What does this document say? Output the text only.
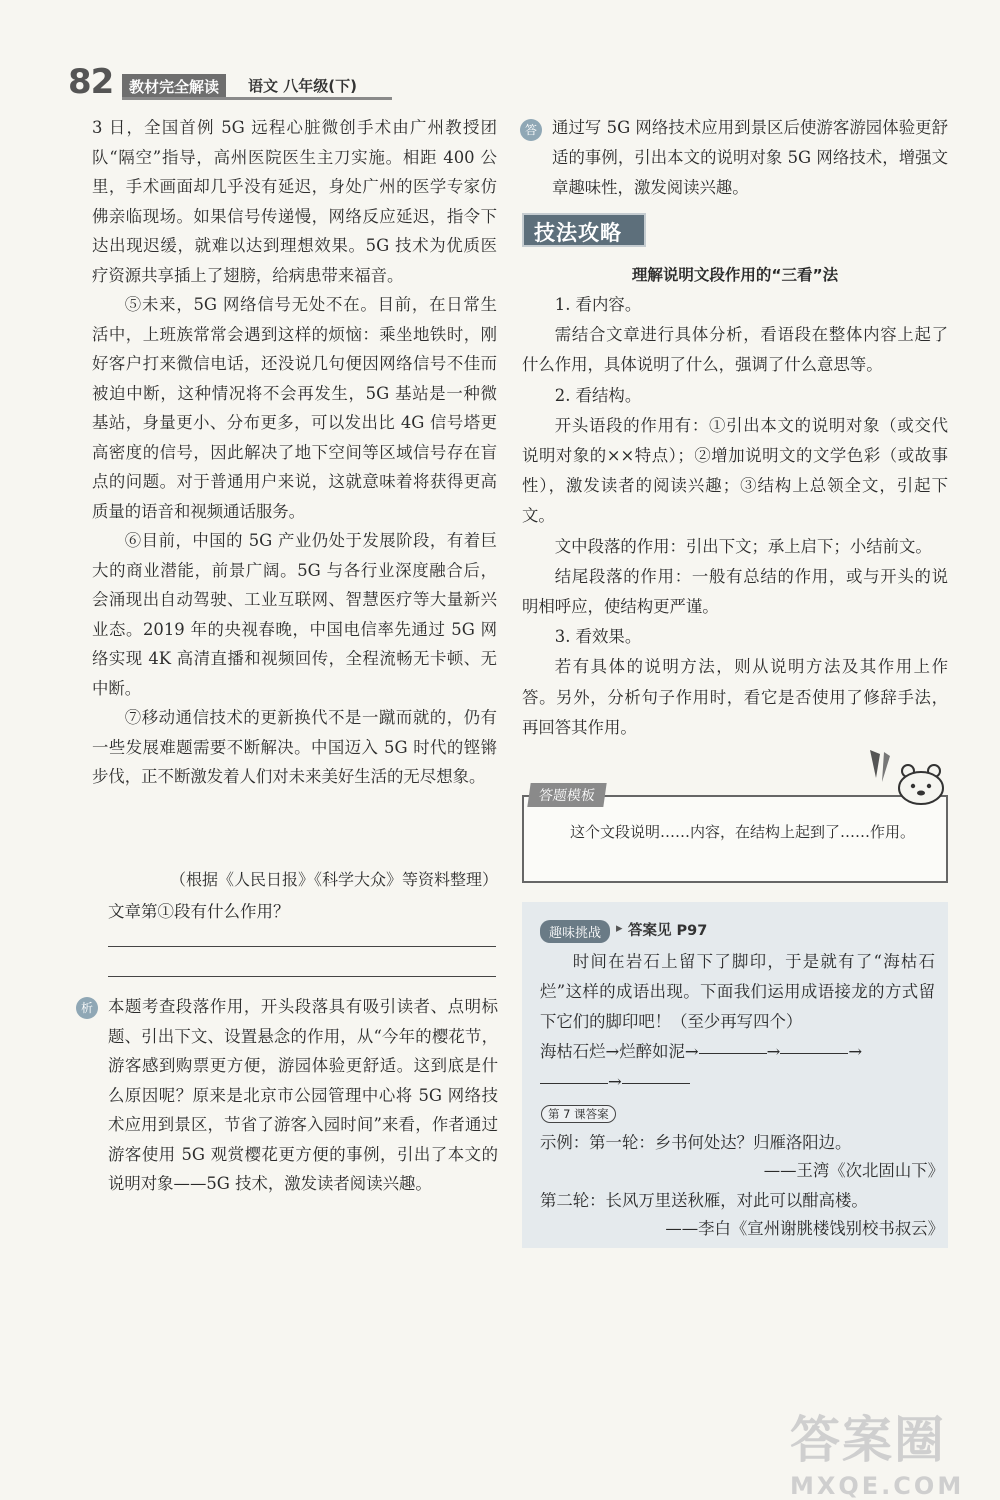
82	教材完全解读	语文 八年级(下)

3 日，全国首例 5G 远程心脏微创手术由广州教授团队“隔空”指导，高州医院医生主刀实施。相距 400 公里，手术画面却几乎没有延迟，身处广州的医学专家仿佛亲临现场。如果信号传递慢，网络反应延迟，指令下达出现迟缓，就难以达到理想效果。5G 技术为优质医疗资源共享插上了翅膀，给病患带来福音。

⑤未来，5G 网络信号无处不在。目前，在日常生活中，上班族常常会遇到这样的烦恼：乘坐地铁时，刚好客户打来微信电话，还没说几句便因网络信号不佳而被迫中断，这种情况将不会再发生，5G 基站是一种微基站，身量更小、分布更多，可以发出比 4G 信号塔更高密度的信号，因此解决了地下空间等区域信号存在盲点的问题。对于普通用户来说，这就意味着将获得更高质量的语音和视频通话服务。

⑥目前，中国的 5G 产业仍处于发展阶段，有着巨大的商业潜能，前景广阔。5G 与各行业深度融合后，会涌现出自动驾驶、工业互联网、智慧医疗等大量新兴业态。2019 年的央视春晚，中国电信率先通过 5G 网络实现 4K 高清直播和视频回传，全程流畅无卡顿、无中断。

⑦移动通信技术的更新换代不是一蹴而就的，仍有一些发展难题需要不断解决。中国迈入 5G 时代的铿锵步伐，正不断激发着人们对未来美好生活的无尽想象。

（根据《人民日报》《科学大众》等资料整理）
文章第①段有什么作用？
析 本题考查段落作用，开头段落具有吸引读者、点明标题、引出下文、设置悬念的作用，从“今年的樱花节，游客感到购票更方便，游园体验更舒适。这到底是什么原因呢？原来是北京市公园管理中心将 5G 网络技术应用到景区，节省了游客入园时间”来看，作者通过游客使用 5G 观赏樱花更方便的事例，引出了本文的说明对象——5G 技术，激发读者阅读兴趣。
答 通过写 5G 网络技术应用到景区后使游客游园体验更舒适的事例，引出本文的说明对象 5G 网络技术，增强文章趣味性，激发阅读兴趣。
技法攻略
理解说明文段作用的“三看”法

1. 看内容。

需结合文章进行具体分析，看语段在整体内容上起了什么作用，具体说明了什么，强调了什么意思等。

2. 看结构。

开头语段的作用有：①引出本文的说明对象（或交代说明对象的××特点）；②增加说明文的文学色彩（或故事性），激发读者的阅读兴趣；③结构上总领全文，引起下文。

文中段落的作用：引出下文；承上启下；小结前文。

结尾段落的作用：一般有总结的作用，或与开头的说明相呼应，使结构更严谨。

3. 看效果。

若有具体的说明方法，则从说明方法及其作用上作答。另外，分析句子作用时，看它是否使用了修辞手法，再回答其作用。

答题模板
这个文段说明……内容，在结构上起到了……作用。
趣味挑战	▸ 答案见 P97
时间在岩石上留下了脚印，于是就有了“海枯石烂”这样的成语出现。下面我们运用成语接龙的方式留下它们的脚印吧！（至少再写四个）
海枯石烂→烂醉如泥→	→	→
→
第 7 课答案
示例：第一轮：乡书何处达？归雁洛阳边。
——王湾《次北固山下》
第二轮：长风万里送秋雁，对此可以酣高楼。
——李白《宣州谢朓楼饯别校书叔云》
答案圈
MXQE.COM
